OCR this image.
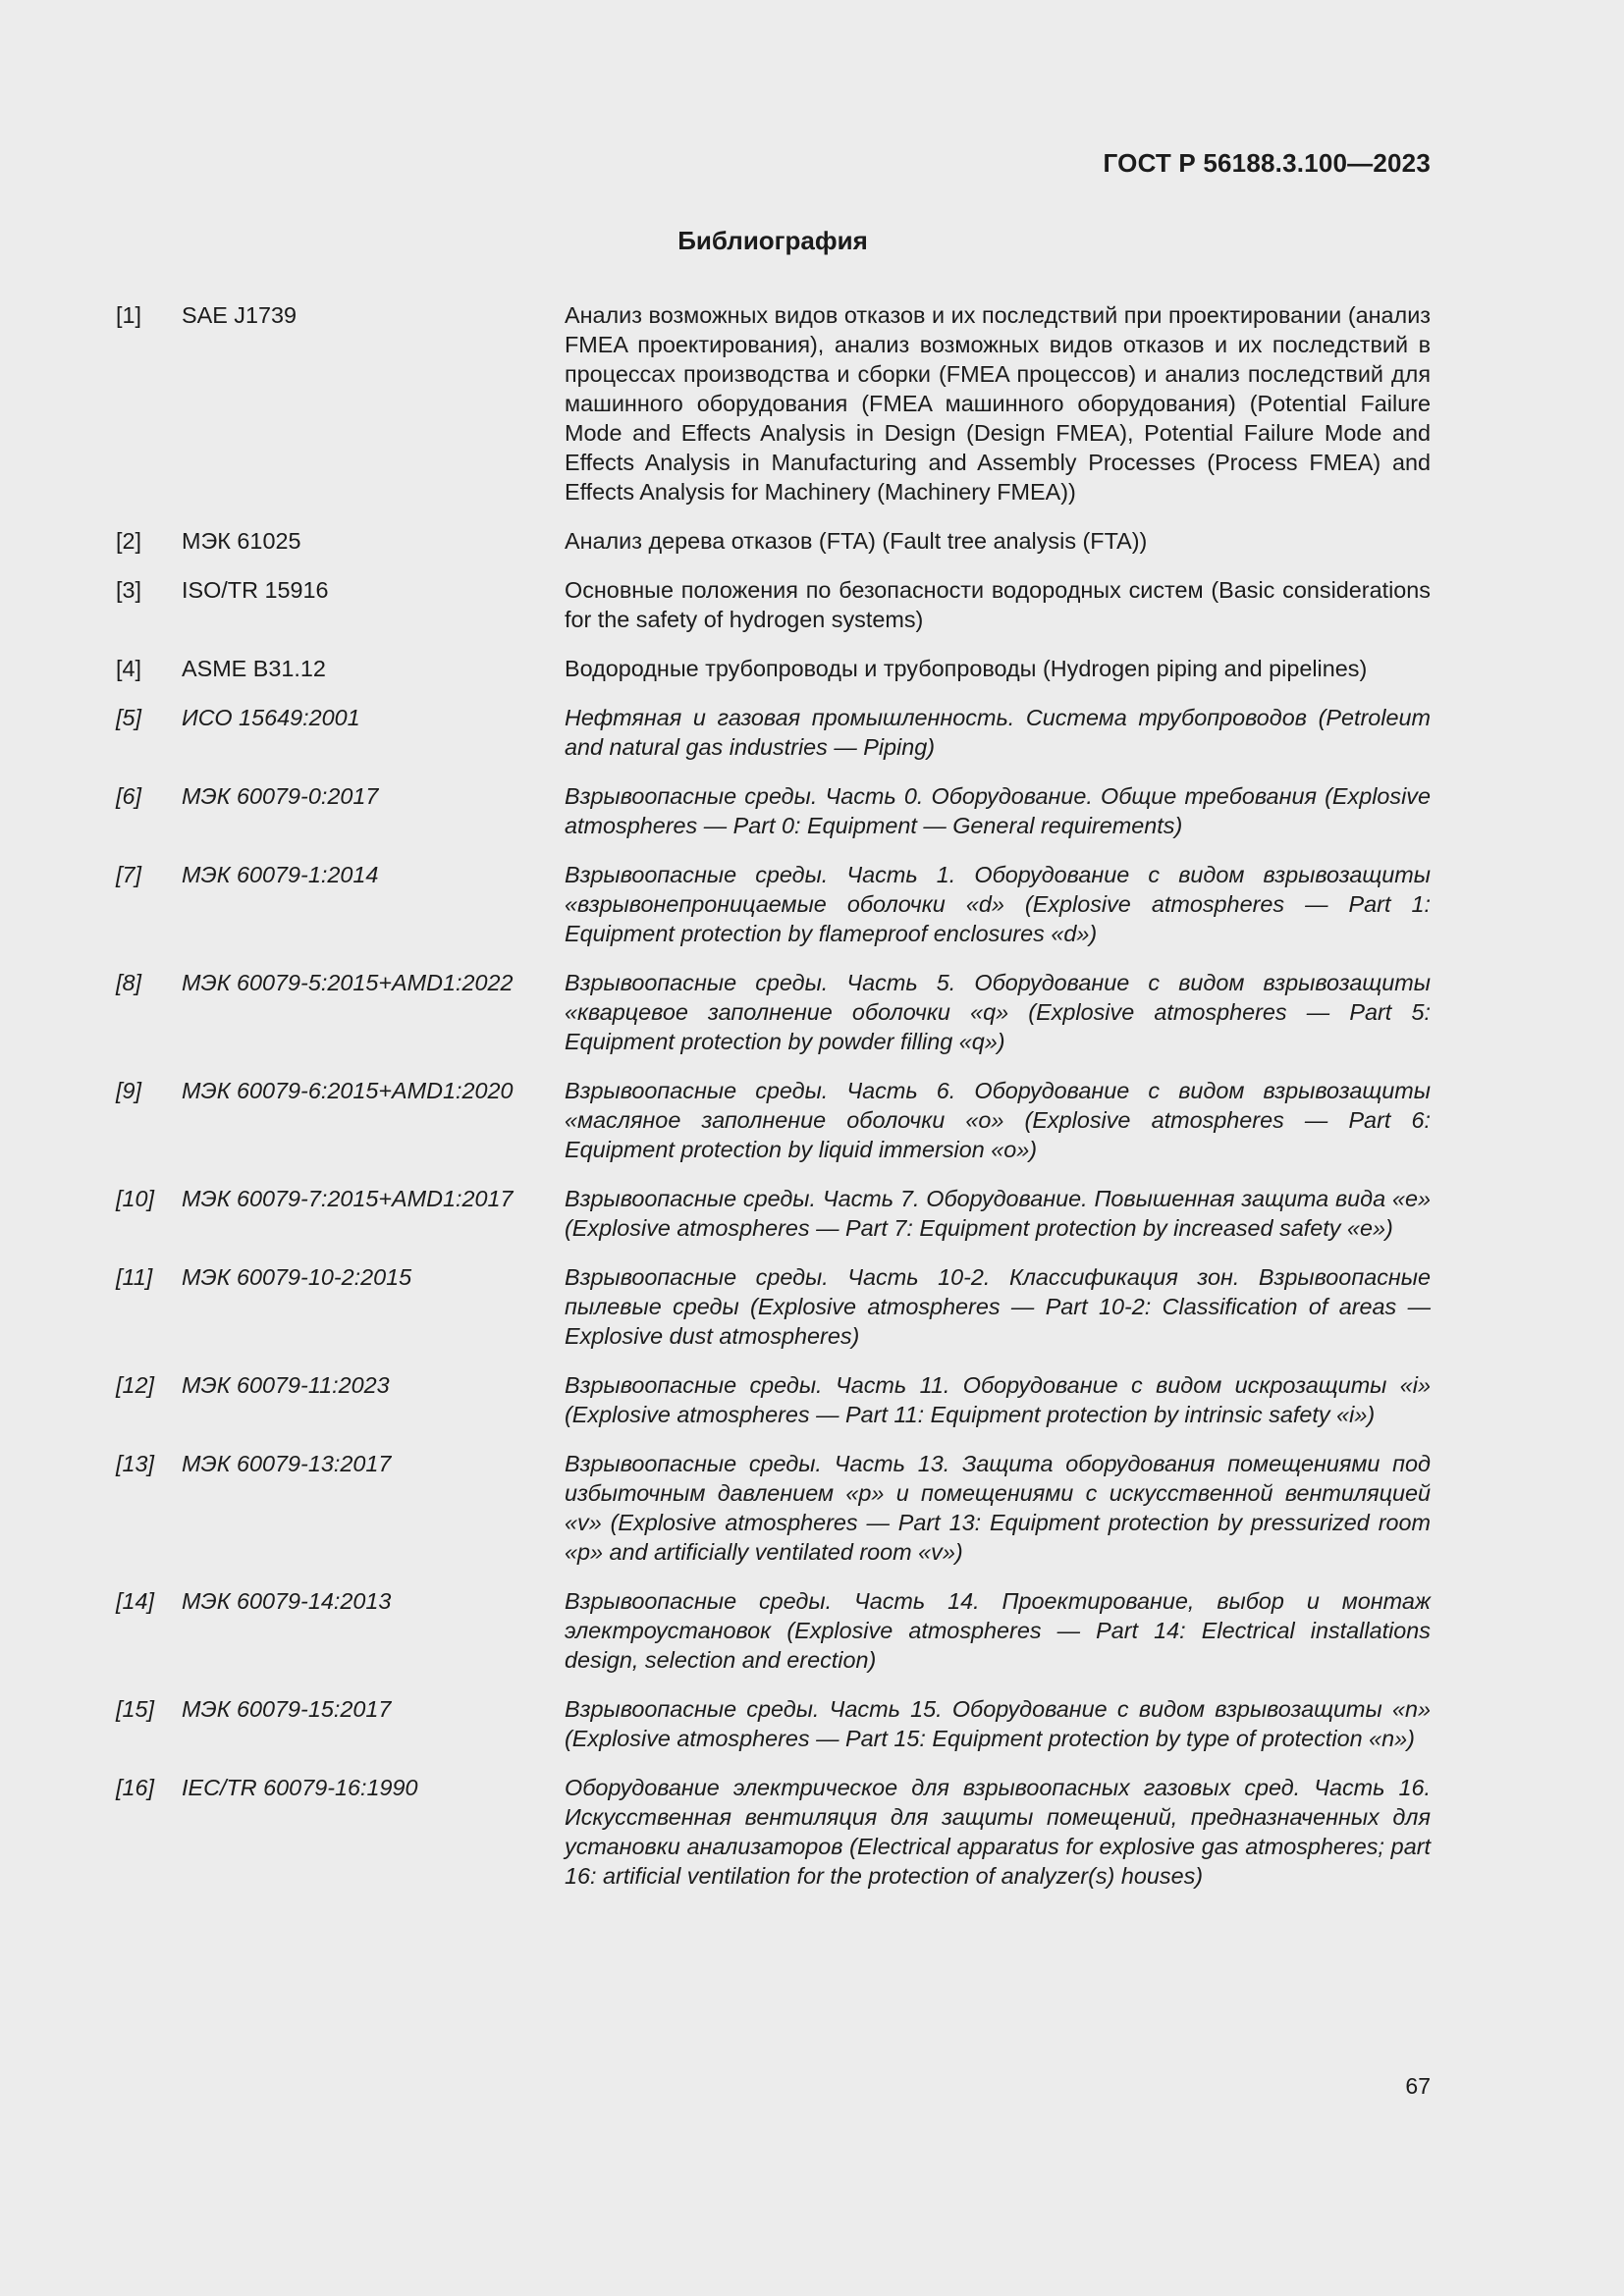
ГОСТ Р 56188.3.100—2023
Библиография
[1]	SAE J1739	Анализ возможных видов отказов и их последствий при проектировании (анализ FMEA проектирования), анализ возможных видов отказов и их последствий в процессах производства и сборки (FMEA процессов) и анализ последствий для машинного оборудования (FMEA машинного оборудования) (Potential Failure Mode and Effects Analysis in Design (Design FMEA), Potential Failure Mode and Effects Analysis in Manufacturing and Assembly Processes (Process FMEA) and Effects Analysis for Machinery (Machinery FMEA))
[2]	МЭК 61025	Анализ дерева отказов (FTA) (Fault tree analysis (FTA))
[3]	ISO/TR 15916	Основные положения по безопасности водородных систем (Basic considerations for the safety of hydrogen systems)
[4]	ASME B31.12	Водородные трубопроводы и трубопроводы (Hydrogen piping and pipelines)
[5]	ИСО 15649:2001	Нефтяная и газовая промышленность. Система трубопроводов (Petroleum and natural gas industries — Piping)
[6]	МЭК 60079-0:2017	Взрывоопасные среды. Часть 0. Оборудование. Общие требования (Explosive atmospheres — Part 0: Equipment — General requirements)
[7]	МЭК 60079-1:2014	Взрывоопасные среды. Часть 1. Оборудование с видом взрывозащиты «взрывонепроницаемые оболочки «d» (Explosive atmospheres — Part 1: Equipment protection by flameproof enclosures «d»)
[8]	МЭК 60079-5:2015+AMD1:2022	Взрывоопасные среды. Часть 5. Оборудование с видом взрывозащиты «кварцевое заполнение оболочки «q» (Explosive atmospheres — Part 5: Equipment protection by powder filling «q»)
[9]	МЭК 60079-6:2015+AMD1:2020	Взрывоопасные среды. Часть 6. Оборудование с видом взрывозащиты «масляное заполнение оболочки «о» (Explosive atmospheres — Part 6: Equipment protection by liquid immersion «o»)
[10]	МЭК 60079-7:2015+AMD1:2017	Взрывоопасные среды. Часть 7. Оборудование. Повышенная защита вида «е» (Explosive atmospheres — Part 7: Equipment protection by increased safety «e»)
[11]	МЭК 60079-10-2:2015	Взрывоопасные среды. Часть 10-2. Классификация зон. Взрывоопасные пылевые среды (Explosive atmospheres — Part 10-2: Classification of areas — Explosive dust atmospheres)
[12]	МЭК 60079-11:2023	Взрывоопасные среды. Часть 11. Оборудование с видом искрозащиты «i» (Explosive atmospheres — Part 11: Equipment protection by intrinsic safety «i»)
[13]	МЭК 60079-13:2017	Взрывоопасные среды. Часть 13. Защита оборудования помещениями под избыточным давлением «р» и помещениями с искусственной вентиляцией «v» (Explosive atmospheres — Part 13: Equipment protection by pressurized room «p» and artificially ventilated room «v»)
[14]	МЭК 60079-14:2013	Взрывоопасные среды. Часть 14. Проектирование, выбор и монтаж электроустановок (Explosive atmospheres — Part 14: Electrical installations design, selection and erection)
[15]	МЭК 60079-15:2017	Взрывоопасные среды. Часть 15. Оборудование с видом взрывозащиты «n» (Explosive atmospheres — Part 15: Equipment protection by type of protection «n»)
[16]	IEC/TR 60079-16:1990	Оборудование электрическое для взрывоопасных газовых сред. Часть 16. Искусственная вентиляция для защиты помещений, предназначенных для установки анализаторов (Electrical apparatus for explosive gas atmospheres; part 16: artificial ventilation for the protection of analyzer(s) houses)
67
